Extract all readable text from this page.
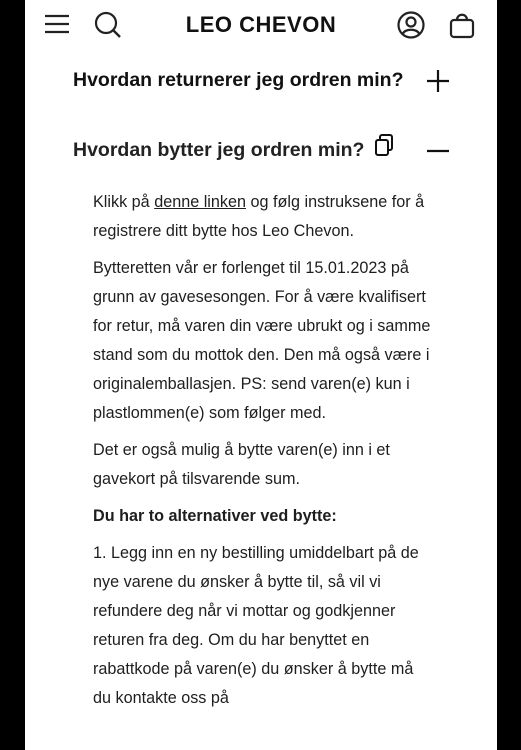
LEO CHEVON
Hvordan returnerer jeg ordren min?
Hvordan bytter jeg ordren min?

Klikk på denne linken og følg instruksene for å registrere ditt bytte hos Leo Chevon.

Bytteretten vår er forlenget til 15.01.2023 på grunn av gavesesongen. For å være kvalifisert for retur, må varen din være ubrukt og i samme stand som du mottok den. Den må også være i originalemballasjen. PS: send varen(e) kun i plastlommen(e) som følger med.

Det er også mulig å bytte varen(e) inn i et gavekort på tilsvarende sum.

Du har to alternativer ved bytte:

1. Legg inn en ny bestilling umiddelbart på de nye varene du ønsker å bytte til, så vil vi refundere deg når vi mottar og godkjenner returen fra deg. Om du har benyttet en rabattkode på varen(e) du ønsker å bytte må du kontakte oss på
